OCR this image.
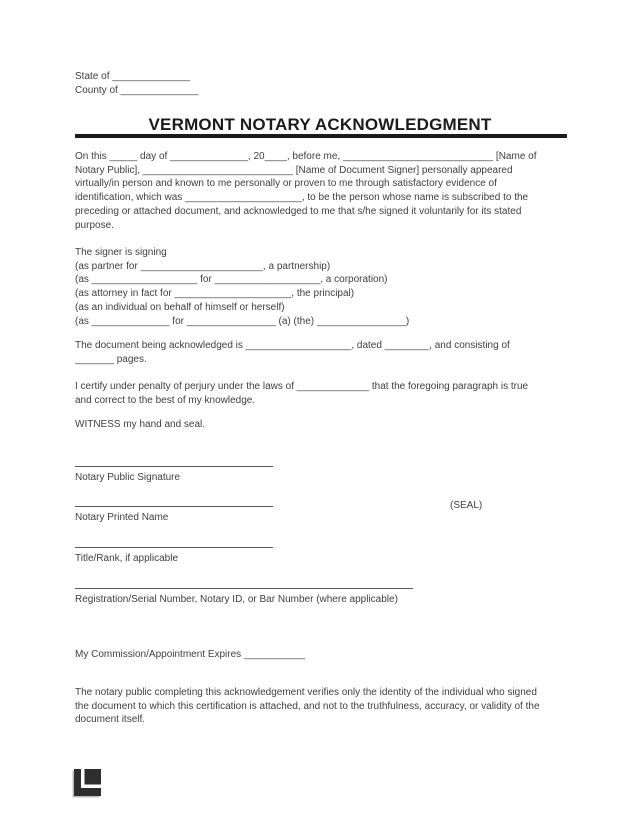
State of ______________
County of ______________
VERMONT NOTARY ACKNOWLEDGMENT
On this _____ day of ______________, 20____, before me, ___________________________ [Name of
Notary Public], ___________________________ [Name of Document Signer] personally appeared
virtually/in person and known to me personally or proven to me through satisfactory evidence of
identification, which was _____________________, to be the person whose name is subscribed to the
preceding or attached document, and acknowledged to me that s/he signed it voluntarily for its stated
purpose.
The signer is signing
(as partner for ______________________, a partnership)
(as ___________________ for ___________________, a corporation)
(as attorney in fact for _____________________, the principal)
(as an individual on behalf of himself or herself)
(as ______________ for ________________ (a) (the) ________________)
The document being acknowledged is ___________________, dated ________, and consisting of
_______ pages.
I certify under penalty of perjury under the laws of _____________ that the foregoing paragraph is true
and correct to the best of my knowledge.
WITNESS my hand and seal.
Notary Public Signature
Notary Printed Name
(SEAL)
Title/Rank, if applicable
Registration/Serial Number, Notary ID, or Bar Number (where applicable)
My Commission/Appointment Expires ___________
The notary public completing this acknowledgement verifies only the identity of the individual who signed
the document to which this certification is attached, and not to the truthfulness, accuracy, or validity of the
document itself.
